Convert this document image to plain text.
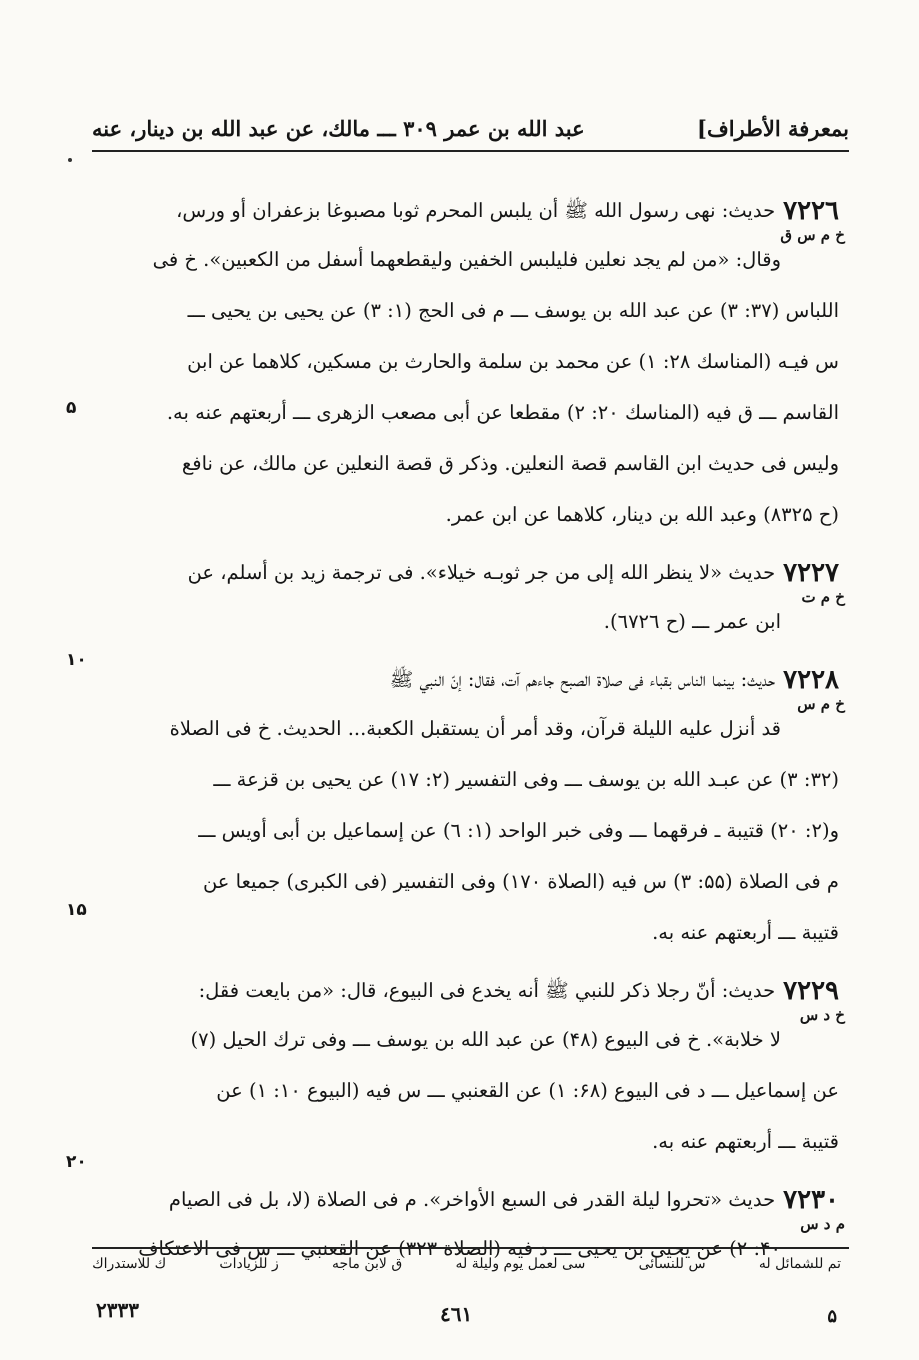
بمعرفة الأطراف]
عبد الله بن عمر ۳۰۹ ـــ مالك، عن عبد الله بن دينار، عنه
۷۲۲٦
حديث: نهى رسول الله ﷺ أن يلبس المحرم ثوبا مصبوغا بزعفران أو ورس،
خ م س ق
وقال: «من لم يجد نعلين فليلبس الخفين وليقطعهما أسفل من الكعبين». خ فى
اللباس (۳۷: ۳) عن عبد الله بن يوسف ـــ م فى الحج (۱: ۳) عن يحيى بن يحيى ـــ
س فيـه (المناسك ۲۸: ۱) عن محمد بن سلمة والحارث بن مسكين، كلاهما عن ابن
القاسم ـــ ق فيه (المناسك ۲۰: ۲) مقطعا عن أبى مصعب الزهرى ـــ أربعتهم عنه به.
وليس فى حديث ابن القاسم قصة النعلين. وذكر ق قصة النعلين عن مالك، عن نافع
(ح ۸۳۲۵) وعبد الله بن دينار، كلاهما عن ابن عمر.
۷۲۲۷
حديث «لا ينظر الله إلى من جر ثوبـه خيلاء». فى ترجمة زيد بن أسلم، عن
خ م ت
ابن عمر ـــ (ح ٦۷۲٦).
۷۲۲۸
حديث: بينما الناس بقباء فى صلاة الصبح جاءهم آت، فقال: إنّ النبي ﷺ
خ م س
قد أنزل عليه الليلة قرآن، وقد أمر أن يستقبل الكعبة... الحديث. خ فى الصلاة
(۳۲: ۳) عن عبـد الله بن يوسف ـــ وفى التفسير (۲: ۱۷) عن يحيى بن قزعة ـــ
و(۲: ۲۰) قتيبة ـ فرقهما ـــ وفى خبر الواحد (۱: ٦) عن إسماعيل بن أبى أويس ـــ
م فى الصلاة (۵۵: ۳) س فيه (الصلاة ۱۷۰) وفى التفسير (فى الكبرى) جميعا عن
قتيبة ـــ أربعتهم عنه به.
۷۲۲۹
حديث: أنّ رجلا ذكر للنبي ﷺ أنه يخدع فى البيوع، قال: «من بايعت فقل:
خ د س
لا خلابة». خ فى البيوع (۴۸) عن عبد الله بن يوسف ـــ وفى ترك الحيل (۷)
عن إسماعيل ـــ د فى البيوع (۶۸: ۱) عن القعنبي ـــ س فيه (البيوع ۱۰: ۱) عن
قتيبة ـــ أربعتهم عنه به.
۷۲۳۰
حديث «تحروا ليلة القدر فى السبع الأواخر». م فى الصلاة (لا، بل فى الصيام
م د س
۴۰: ۲) عن يحيى بن يحيى ـــ د فيه (الصلاة ۳۲۳) عن القعنبي ـــ س فى الاعتكاف
۵
۱۰
۱۵
۲۰
تم للشمائل له
س للنسائى
سى لعمل يوم وليلة له
ق لابن ماجه
ز للزيادات
ك للاستدراك
۲۳۳۳	٤٦١	۵
